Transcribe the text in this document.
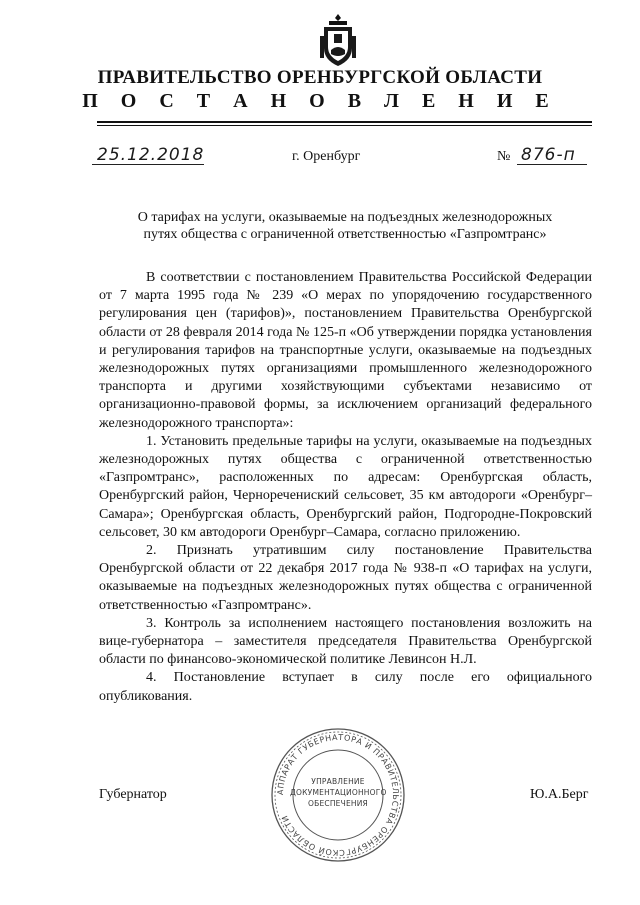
ПРАВИТЕЛЬСТВО ОРЕНБУРГСКОЙ ОБЛАСТИ
П О С Т А Н О В Л Е Н И Е
25.12.2018	г. Оренбург	№ 876-п
О тарифах на услуги, оказываемые на подъездных железнодорожных
путях общества с ограниченной ответственностью «Газпромтранс»

В соответствии с постановлением Правительства Российской Федерации от 7 марта 1995 года № 239 «О мерах по упорядочению государственного регулирования цен (тарифов)», постановлением Правительства Оренбургской области от 28 февраля 2014 года № 125-п «Об утверждении порядка установления и регулирования тарифов на транспортные услуги, оказываемые на подъездных железнодорожных путях организациями промышленного железнодорожного транспорта и другими хозяйствующими субъектами независимо от организационно-правовой формы, за исключением организаций федерального железнодорожного транспорта»:

1. Установить предельные тарифы на услуги, оказываемые на подъездных железнодорожных путях общества с ограниченной ответственностью «Газпромтранс», расположенных по адресам: Оренбургская область, Оренбургский район, Черноречениский сельсовет, 35 км автодороги «Оренбург–Самара»; Оренбургская область, Оренбургский район, Подгородне-Покровский сельсовет, 30 км автодороги Оренбург–Самара, согласно приложению.

2. Признать утратившим силу постановление Правительства Оренбургской области от 22 декабря 2017 года № 938-п «О тарифах на услуги, оказываемые на подъездных железнодорожных путях общества с ограниченной ответственностью «Газпромтранс».

3. Контроль за исполнением настоящего постановления возложить на вице-губернатора – заместителя председателя Правительства Оренбургской области по финансово-экономической политике Левинсон Н.Л.

4. Постановление вступает в силу после его официального опубликования.

Губернатор	Ю.А.Берг
АППАРАТ ГУБЕРНАТОРА И ПРАВИТЕЛЬСТВА ОРЕНБУРГСКОЙ ОБЛАСТИ
УПРАВЛЕНИЕ
ДОКУМЕНТАЦИОННОГО
ОБЕСПЕЧЕНИЯ
